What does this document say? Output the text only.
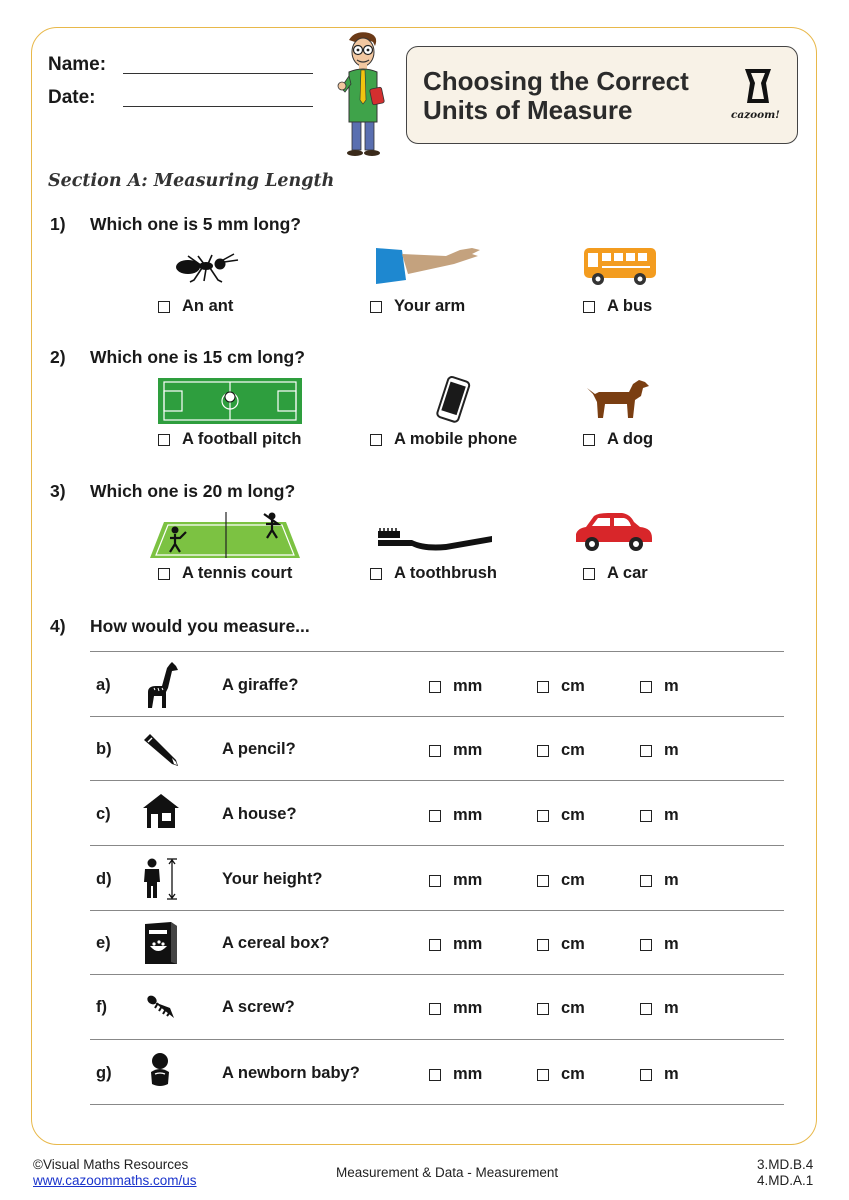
Name:
Date:
Choosing the Correct
Units of Measure	cazoom!
Section A: Measuring Length
1) Which one is 5 mm long?
An ant	Your arm	A bus
2) Which one is 15 cm long?
A football pitch	A mobile phone	A dog
3) Which one is 20 m long?
A tennis court	A toothbrush	A car
4) How would you measure...
a)	A giraffe?	mm	cm	m
b)	A pencil?	mm	cm	m
c)	A house?	mm	cm	m
d)	Your height?	mm	cm	m
e)	A cereal box?	mm	cm	m
f)	A screw?	mm	cm	m
g)	A newborn baby?	mm	cm	m
©Visual Maths Resources
www.cazoommaths.com/us
Measurement & Data - Measurement
3.MD.B.4
4.MD.A.1
